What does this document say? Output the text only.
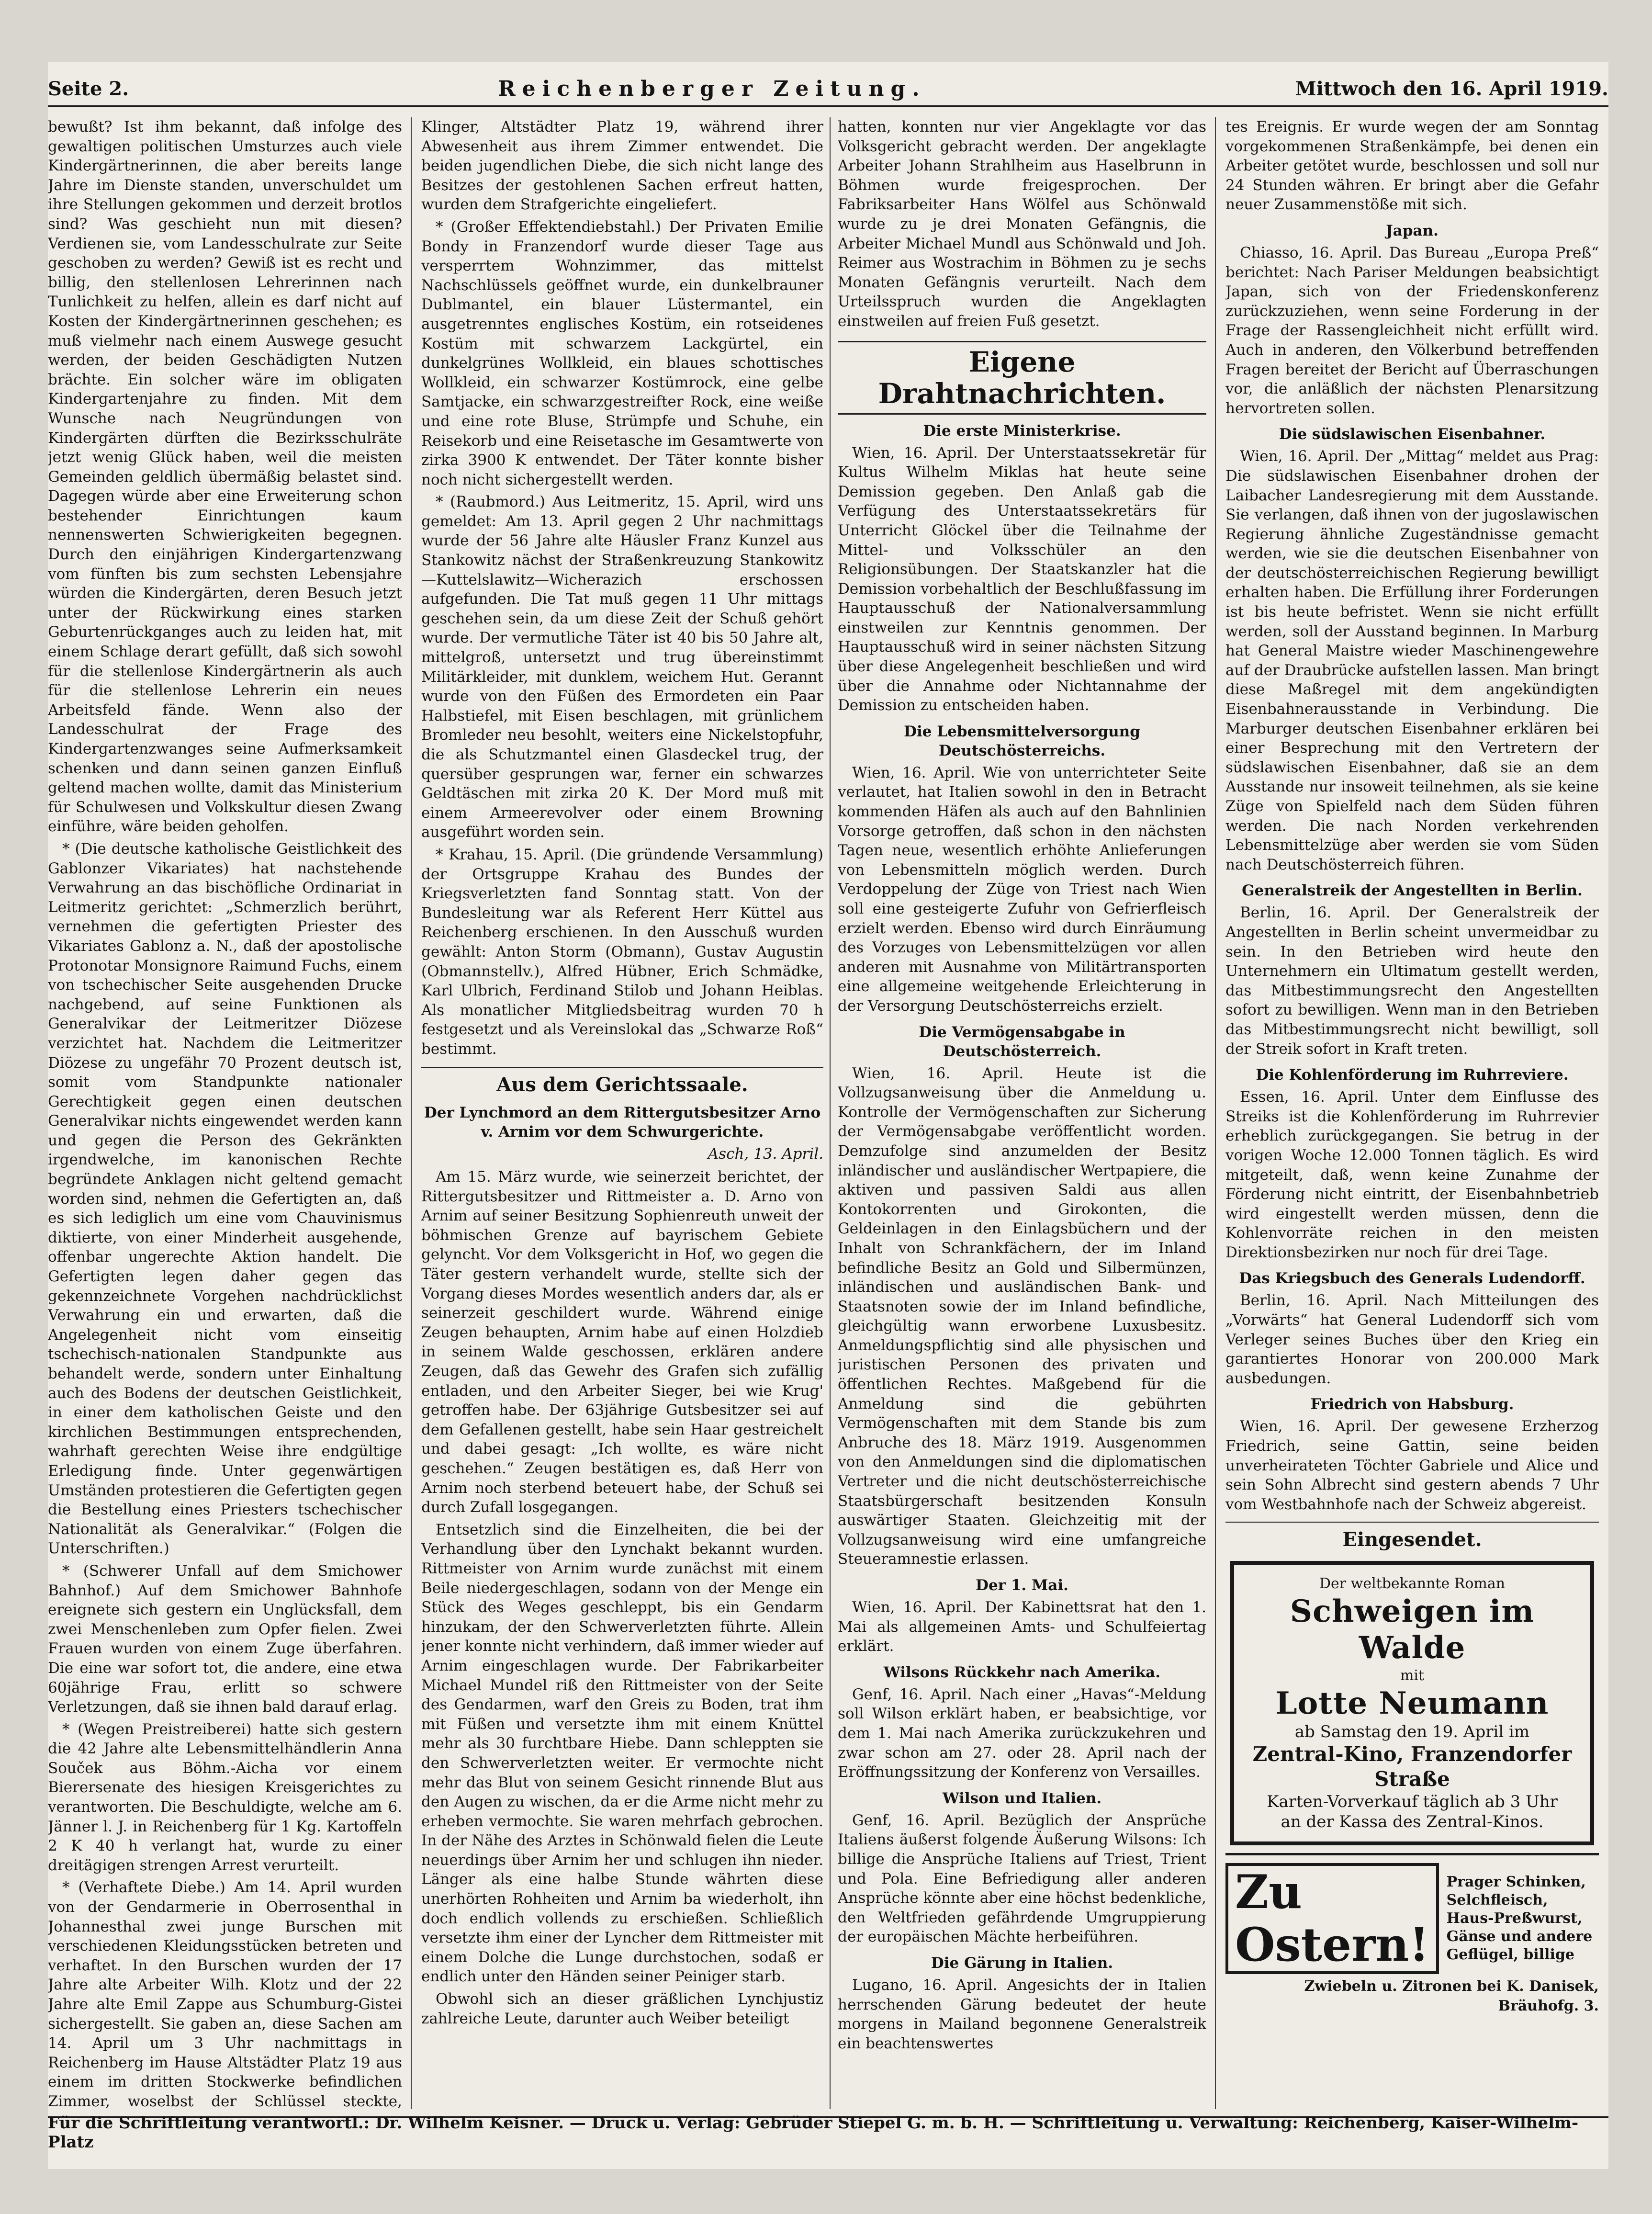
Seite 2.	Reichenberger Zeitung.	Mittwoch den 16. April 1919.

bewußt? Ist ihm bekannt, daß infolge des gewaltigen politischen Umsturzes auch viele Kindergärtnerinnen, die aber bereits lange Jahre im Dienste standen, unverschuldet um ihre Stellungen gekommen und derzeit brotlos sind? Was geschieht nun mit diesen? Verdienen sie, vom Landesschulrate zur Seite geschoben zu werden? Gewiß ist es recht und billig, den stellenlosen Lehrerinnen nach Tunlichkeit zu helfen, allein es darf nicht auf Kosten der Kindergärtnerinnen geschehen; es muß vielmehr nach einem Auswege gesucht werden, der beiden Geschädigten Nutzen brächte. Ein solcher wäre im obligaten Kindergartenjahre zu finden. Mit dem Wunsche nach Neugründungen von Kindergärten dürften die Bezirksschulräte jetzt wenig Glück haben, weil die meisten Gemeinden geldlich übermäßig belastet sind. Dagegen würde aber eine Erweiterung schon bestehender Einrichtungen kaum nennenswerten Schwierigkeiten begegnen. Durch den einjährigen Kindergartenzwang vom fünften bis zum sechsten Lebensjahre würden die Kindergärten, deren Besuch jetzt unter der Rückwirkung eines starken Geburtenrückganges auch zu leiden hat, mit einem Schlage derart gefüllt, daß sich sowohl für die stellenlose Kindergärtnerin als auch für die stellenlose Lehrerin ein neues Arbeitsfeld fände. Wenn also der Landesschulrat der Frage des Kindergartenzwanges seine Aufmerksamkeit schenken und dann seinen ganzen Einfluß geltend machen wollte, damit das Ministerium für Schulwesen und Volkskultur diesen Zwang einführe, wäre beiden geholfen.

* (Die deutsche katholische Geistlichkeit des Gablonzer Vikariates) hat nachstehende Verwahrung an das bischöfliche Ordinariat in Leitmeritz gerichtet: „Schmerzlich berührt, vernehmen die gefertigten Priester des Vikariates Gablonz a. N., daß der apostolische Protonotar Monsignore Raimund Fuchs, einem von tschechischer Seite ausgehenden Drucke nachgebend, auf seine Funktionen als Generalvikar der Leitmeritzer Diözese verzichtet hat. Nachdem die Leitmeritzer Diözese zu ungefähr 70 Prozent deutsch ist, somit vom Standpunkte nationaler Gerechtigkeit gegen einen deutschen Generalvikar nichts eingewendet werden kann und gegen die Person des Gekränkten irgendwelche, im kanonischen Rechte begründete Anklagen nicht geltend gemacht worden sind, nehmen die Gefertigten an, daß es sich lediglich um eine vom Chauvinismus diktierte, von einer Minderheit ausgehende, offenbar ungerechte Aktion handelt. Die Gefertigten legen daher gegen das gekennzeichnete Vorgehen nachdrücklichst Verwahrung ein und erwarten, daß die Angelegenheit nicht vom einseitig tschechisch-nationalen Standpunkte aus behandelt werde, sondern unter Einhaltung auch des Bodens der deutschen Geistlichkeit, in einer dem katholischen Geiste und den kirchlichen Bestimmungen entsprechenden, wahrhaft gerechten Weise ihre endgültige Erledigung finde. Unter gegenwärtigen Umständen protestieren die Gefertigten gegen die Bestellung eines Priesters tschechischer Nationalität als Generalvikar.“ (Folgen die Unterschriften.)

* (Schwerer Unfall auf dem Smichower Bahnhof.) Auf dem Smichower Bahnhofe ereignete sich gestern ein Unglücksfall, dem zwei Menschenleben zum Opfer fielen. Zwei Frauen wurden von einem Zuge überfahren. Die eine war sofort tot, die andere, eine etwa 60jährige Frau, erlitt so schwere Verletzungen, daß sie ihnen bald darauf erlag.

* (Wegen Preistreiberei) hatte sich gestern die 42 Jahre alte Lebensmittelhändlerin Anna Souček aus Böhm.-Aicha vor einem Bierersenate des hiesigen Kreisgerichtes zu verantworten. Die Beschuldigte, welche am 6. Jänner l. J. in Reichenberg für 1 Kg. Kartoffeln 2 K 40 h verlangt hat, wurde zu einer dreitägigen strengen Arrest verurteilt.

* (Verhaftete Diebe.) Am 14. April wurden von der Gendarmerie in Oberrosenthal in Johannesthal zwei junge Burschen mit verschiedenen Kleidungsstücken betreten und verhaftet. In den Burschen wurden der 17 Jahre alte Arbeiter Wilh. Klotz und der 22 Jahre alte Emil Zappe aus Schumburg-Gistei sichergestellt. Sie gaben an, diese Sachen am 14. April um 3 Uhr nachmittags in Reichenberg im Hause Altstädter Platz 19 aus einem im dritten Stockwerke befindlichen Zimmer, woselbst der Schlüssel steckte,

Klinger, Altstädter Platz 19, während ihrer Abwesenheit aus ihrem Zimmer entwendet. Die beiden jugendlichen Diebe, die sich nicht lange des Besitzes der gestohlenen Sachen erfreut hatten, wurden dem Strafgerichte eingeliefert.

* (Großer Effektendiebstahl.) Der Privaten Emilie Bondy in Franzendorf wurde dieser Tage aus versperrtem Wohnzimmer, das mittelst Nachschlüssels geöffnet wurde, ein dunkelbrauner Dublmantel, ein blauer Lüstermantel, ein ausgetrenntes englisches Kostüm, ein rotseidenes Kostüm mit schwarzem Lackgürtel, ein dunkelgrünes Wollkleid, ein blaues schottisches Wollkleid, ein schwarzer Kostümrock, eine gelbe Samtjacke, ein schwarzgestreifter Rock, eine weiße und eine rote Bluse, Strümpfe und Schuhe, ein Reisekorb und eine Reisetasche im Gesamtwerte von zirka 3900 K entwendet. Der Täter konnte bisher noch nicht sichergestellt werden.

* (Raubmord.) Aus Leitmeritz, 15. April, wird uns gemeldet: Am 13. April gegen 2 Uhr nachmittags wurde der 56 Jahre alte Häusler Franz Kunzel aus Stankowitz nächst der Straßenkreuzung Stankowitz—Kuttelslawitz—Wicherazich erschossen aufgefunden. Die Tat muß gegen 11 Uhr mittags geschehen sein, da um diese Zeit der Schuß gehört wurde. Der vermutliche Täter ist 40 bis 50 Jahre alt, mittelgroß, untersetzt und trug übereinstimmt Militärkleider, mit dunklem, weichem Hut. Gerannt wurde von den Füßen des Ermordeten ein Paar Halbstiefel, mit Eisen beschlagen, mit grünlichem Bromleder neu besohlt, weiters eine Nickelstopfuhr, die als Schutzmantel einen Glasdeckel trug, der quersüber gesprungen war, ferner ein schwarzes Geldtäschen mit zirka 20 K. Der Mord muß mit einem Armeerevolver oder einem Browning ausgeführt worden sein.

* Krahau, 15. April. (Die gründende Versammlung) der Ortsgruppe Krahau des Bundes der Kriegsverletzten fand Sonntag statt. Von der Bundesleitung war als Referent Herr Küttel aus Reichenberg erschienen. In den Ausschuß wurden gewählt: Anton Storm (Obmann), Gustav Augustin (Obmannstellv.), Alfred Hübner, Erich Schmädke, Karl Ulbrich, Ferdinand Stilob und Johann Heiblas. Als monatlicher Mitgliedsbeitrag wurden 70 h festgesetzt und als Vereinslokal das „Schwarze Roß“ bestimmt.

Aus dem Gerichtssaale.
Der Lynchmord an dem Rittergutsbesitzer Arno v. Arnim vor dem Schwurgerichte.
Asch, 13. April.

Am 15. März wurde, wie seinerzeit berichtet, der Rittergutsbesitzer und Rittmeister a. D. Arno von Arnim auf seiner Besitzung Sophienreuth unweit der böhmischen Grenze auf bayrischem Gebiete gelyncht. Vor dem Volksgericht in Hof, wo gegen die Täter gestern verhandelt wurde, stellte sich der Vorgang dieses Mordes wesentlich anders dar, als er seinerzeit geschildert wurde. Während einige Zeugen behaupten, Arnim habe auf einen Holzdieb in seinem Walde geschossen, erklären andere Zeugen, daß das Gewehr des Grafen sich zufällig entladen, und den Arbeiter Sieger, bei wie Krug' getroffen habe. Der 63jährige Gutsbesitzer sei auf dem Gefallenen gestellt, habe sein Haar gestreichelt und dabei gesagt: „Ich wollte, es wäre nicht geschehen.“ Zeugen bestätigen es, daß Herr von Arnim noch sterbend beteuert habe, der Schuß sei durch Zufall losgegangen.

Entsetzlich sind die Einzelheiten, die bei der Verhandlung über den Lynchakt bekannt wurden. Rittmeister von Arnim wurde zunächst mit einem Beile niedergeschlagen, sodann von der Menge ein Stück des Weges geschleppt, bis ein Gendarm hinzukam, der den Schwerverletzten führte. Allein jener konnte nicht verhindern, daß immer wieder auf Arnim eingeschlagen wurde. Der Fabrikarbeiter Michael Mundel riß den Rittmeister von der Seite des Gendarmen, warf den Greis zu Boden, trat ihm mit Füßen und versetzte ihm mit einem Knüttel mehr als 30 furchtbare Hiebe. Dann schleppten sie den Schwerverletzten weiter. Er vermochte nicht mehr das Blut von seinem Gesicht rinnende Blut aus den Augen zu wischen, da er die Arme nicht mehr zu erheben vermochte. Sie waren mehrfach gebrochen. In der Nähe des Arztes in Schönwald fielen die Leute neuerdings über Arnim her und schlugen ihn nieder. Länger als eine halbe Stunde währten diese unerhörten Rohheiten und Arnim ba wiederholt, ihn doch endlich vollends zu erschießen. Schließlich versetzte ihm einer der Lyncher dem Rittmeister mit einem Dolche die Lunge durchstochen, sodaß er endlich unter den Händen seiner Peiniger starb.

Obwohl sich an dieser gräßlichen Lynchjustiz zahlreiche Leute, darunter auch Weiber beteiligt

hatten, konnten nur vier Angeklagte vor das Volksgericht gebracht werden. Der angeklagte Arbeiter Johann Strahlheim aus Haselbrunn in Böhmen wurde freigesprochen. Der Fabriksarbeiter Hans Wölfel aus Schönwald wurde zu je drei Monaten Gefängnis, die Arbeiter Michael Mundl aus Schönwald und Joh. Reimer aus Wostrachim in Böhmen zu je sechs Monaten Gefängnis verurteilt. Nach dem Urteilsspruch wurden die Angeklagten einstweilen auf freien Fuß gesetzt.

Eigene Drahtnachrichten.
Die erste Ministerkrise.

Wien, 16. April. Der Unterstaatssekretär für Kultus Wilhelm Miklas hat heute seine Demission gegeben. Den Anlaß gab die Verfügung des Unterstaatssekretärs für Unterricht Glöckel über die Teilnahme der Mittel- und Volksschüler an den Religionsübungen. Der Staatskanzler hat die Demission vorbehaltlich der Beschlußfassung im Hauptausschuß der Nationalversammlung einstweilen zur Kenntnis genommen. Der Hauptausschuß wird in seiner nächsten Sitzung über diese Angelegenheit beschließen und wird über die Annahme oder Nichtannahme der Demission zu entscheiden haben.

Die Lebensmittelversorgung Deutschösterreichs.

Wien, 16. April. Wie von unterrichteter Seite verlautet, hat Italien sowohl in den in Betracht kommenden Häfen als auch auf den Bahnlinien Vorsorge getroffen, daß schon in den nächsten Tagen neue, wesentlich erhöhte Anlieferungen von Lebensmitteln möglich werden. Durch Verdoppelung der Züge von Triest nach Wien soll eine gesteigerte Zufuhr von Gefrierfleisch erzielt werden. Ebenso wird durch Einräumung des Vorzuges von Lebensmittelzügen vor allen anderen mit Ausnahme von Militärtransporten eine allgemeine weitgehende Erleichterung in der Versorgung Deutschösterreichs erzielt.

Die Vermögensabgabe in Deutschösterreich.

Wien, 16. April. Heute ist die Vollzugsanweisung über die Anmeldung u. Kontrolle der Vermögenschaften zur Sicherung der Vermögensabgabe veröffentlicht worden. Demzufolge sind anzumelden der Besitz inländischer und ausländischer Wertpapiere, die aktiven und passiven Saldi aus allen Kontokorrenten und Girokonten, die Geldeinlagen in den Einlagsbüchern und der Inhalt von Schrankfächern, der im Inland befindliche Besitz an Gold und Silbermünzen, inländischen und ausländischen Bank- und Staatsnoten sowie der im Inland befindliche, gleichgültig wann erworbene Luxusbesitz. Anmeldungspflichtig sind alle physischen und juristischen Personen des privaten und öffentlichen Rechtes. Maßgebend für die Anmeldung sind die gebührten Vermögenschaften mit dem Stande bis zum Anbruche des 18. März 1919. Ausgenommen von den Anmeldungen sind die diplomatischen Vertreter und die nicht deutschösterreichische Staatsbürgerschaft besitzenden Konsuln auswärtiger Staaten. Gleichzeitig mit der Vollzugsanweisung wird eine umfangreiche Steueramnestie erlassen.

Der 1. Mai.

Wien, 16. April. Der Kabinettsrat hat den 1. Mai als allgemeinen Amts- und Schulfeiertag erklärt.

Wilsons Rückkehr nach Amerika.

Genf, 16. April. Nach einer „Havas“-Meldung soll Wilson erklärt haben, er beabsichtige, vor dem 1. Mai nach Amerika zurückzukehren und zwar schon am 27. oder 28. April nach der Eröffnungssitzung der Konferenz von Versailles.

Wilson und Italien.

Genf, 16. April. Bezüglich der Ansprüche Italiens äußerst folgende Äußerung Wilsons: Ich billige die Ansprüche Italiens auf Triest, Trient und Pola. Eine Befriedigung aller anderen Ansprüche könnte aber eine höchst bedenkliche, den Weltfrieden gefährdende Umgruppierung der europäischen Mächte herbeiführen.

Die Gärung in Italien.

Lugano, 16. April. Angesichts der in Italien herrschenden Gärung bedeutet der heute morgens in Mailand begonnene Generalstreik ein beachtenswertes

tes Ereignis. Er wurde wegen der am Sonntag vorgekommenen Straßenkämpfe, bei denen ein Arbeiter getötet wurde, beschlossen und soll nur 24 Stunden währen. Er bringt aber die Gefahr neuer Zusammenstöße mit sich.

Japan.

Chiasso, 16. April. Das Bureau „Europa Preß“ berichtet: Nach Pariser Meldungen beabsichtigt Japan, sich von der Friedenskonferenz zurückzuziehen, wenn seine Forderung in der Frage der Rassengleichheit nicht erfüllt wird. Auch in anderen, den Völkerbund betreffenden Fragen bereitet der Bericht auf Überraschungen vor, die anläßlich der nächsten Plenarsitzung hervortreten sollen.

Die südslawischen Eisenbahner.

Wien, 16. April. Der „Mittag“ meldet aus Prag: Die südslawischen Eisenbahner drohen der Laibacher Landesregierung mit dem Ausstande. Sie verlangen, daß ihnen von der jugoslawischen Regierung ähnliche Zugeständnisse gemacht werden, wie sie die deutschen Eisenbahner von der deutschösterreichischen Regierung bewilligt erhalten haben. Die Erfüllung ihrer Forderungen ist bis heute befristet. Wenn sie nicht erfüllt werden, soll der Ausstand beginnen. In Marburg hat General Maistre wieder Maschinengewehre auf der Draubrücke aufstellen lassen. Man bringt diese Maßregel mit dem angekündigten Eisenbahnerausstande in Verbindung. Die Marburger deutschen Eisenbahner erklären bei einer Besprechung mit den Vertretern der südslawischen Eisenbahner, daß sie an dem Ausstande nur insoweit teilnehmen, als sie keine Züge von Spielfeld nach dem Süden führen werden. Die nach Norden verkehrenden Lebensmittelzüge aber werden sie vom Süden nach Deutschösterreich führen.

Generalstreik der Angestellten in Berlin.

Berlin, 16. April. Der Generalstreik der Angestellten in Berlin scheint unvermeidbar zu sein. In den Betrieben wird heute den Unternehmern ein Ultimatum gestellt werden, das Mitbestimmungsrecht den Angestellten sofort zu bewilligen. Wenn man in den Betrieben das Mitbestimmungsrecht nicht bewilligt, soll der Streik sofort in Kraft treten.

Die Kohlenförderung im Ruhrreviere.

Essen, 16. April. Unter dem Einflusse des Streiks ist die Kohlenförderung im Ruhrrevier erheblich zurückgegangen. Sie betrug in der vorigen Woche 12.000 Tonnen täglich. Es wird mitgeteilt, daß, wenn keine Zunahme der Förderung nicht eintritt, der Eisenbahnbetrieb wird eingestellt werden müssen, denn die Kohlenvorräte reichen in den meisten Direktionsbezirken nur noch für drei Tage.

Das Kriegsbuch des Generals Ludendorff.

Berlin, 16. April. Nach Mitteilungen des „Vorwärts“ hat General Ludendorff sich vom Verleger seines Buches über den Krieg ein garantiertes Honorar von 200.000 Mark ausbedungen.

Friedrich von Habsburg.

Wien, 16. April. Der gewesene Erzherzog Friedrich, seine Gattin, seine beiden unverheirateten Töchter Gabriele und Alice und sein Sohn Albrecht sind gestern abends 7 Uhr vom Westbahnhofe nach der Schweiz abgereist.

Eingesendet.
Der weltbekannte Roman
Schweigen im Walde
mit
Lotte Neumann
ab Samstag den 19. April im
Zentral-Kino, Franzendorfer Straße
Karten-Vorverkauf täglich ab 3 Uhr
an der Kassa des Zentral-Kinos.
Zu Ostern!
Prager Schinken, Selchfleisch, Haus-Preßwurst, Gänse und andere Geflügel, billige
Zwiebeln u. Zitronen bei K. Danisek, Bräuhofg. 3.
Für die Schriftleitung verantwortl.: Dr. Wilhelm Keisner. — Druck u. Verlag: Gebrüder Stiepel G. m. b. H. — Schriftleitung u. Verwaltung: Reichenberg, Kaiser-Wilhelm-Platz
